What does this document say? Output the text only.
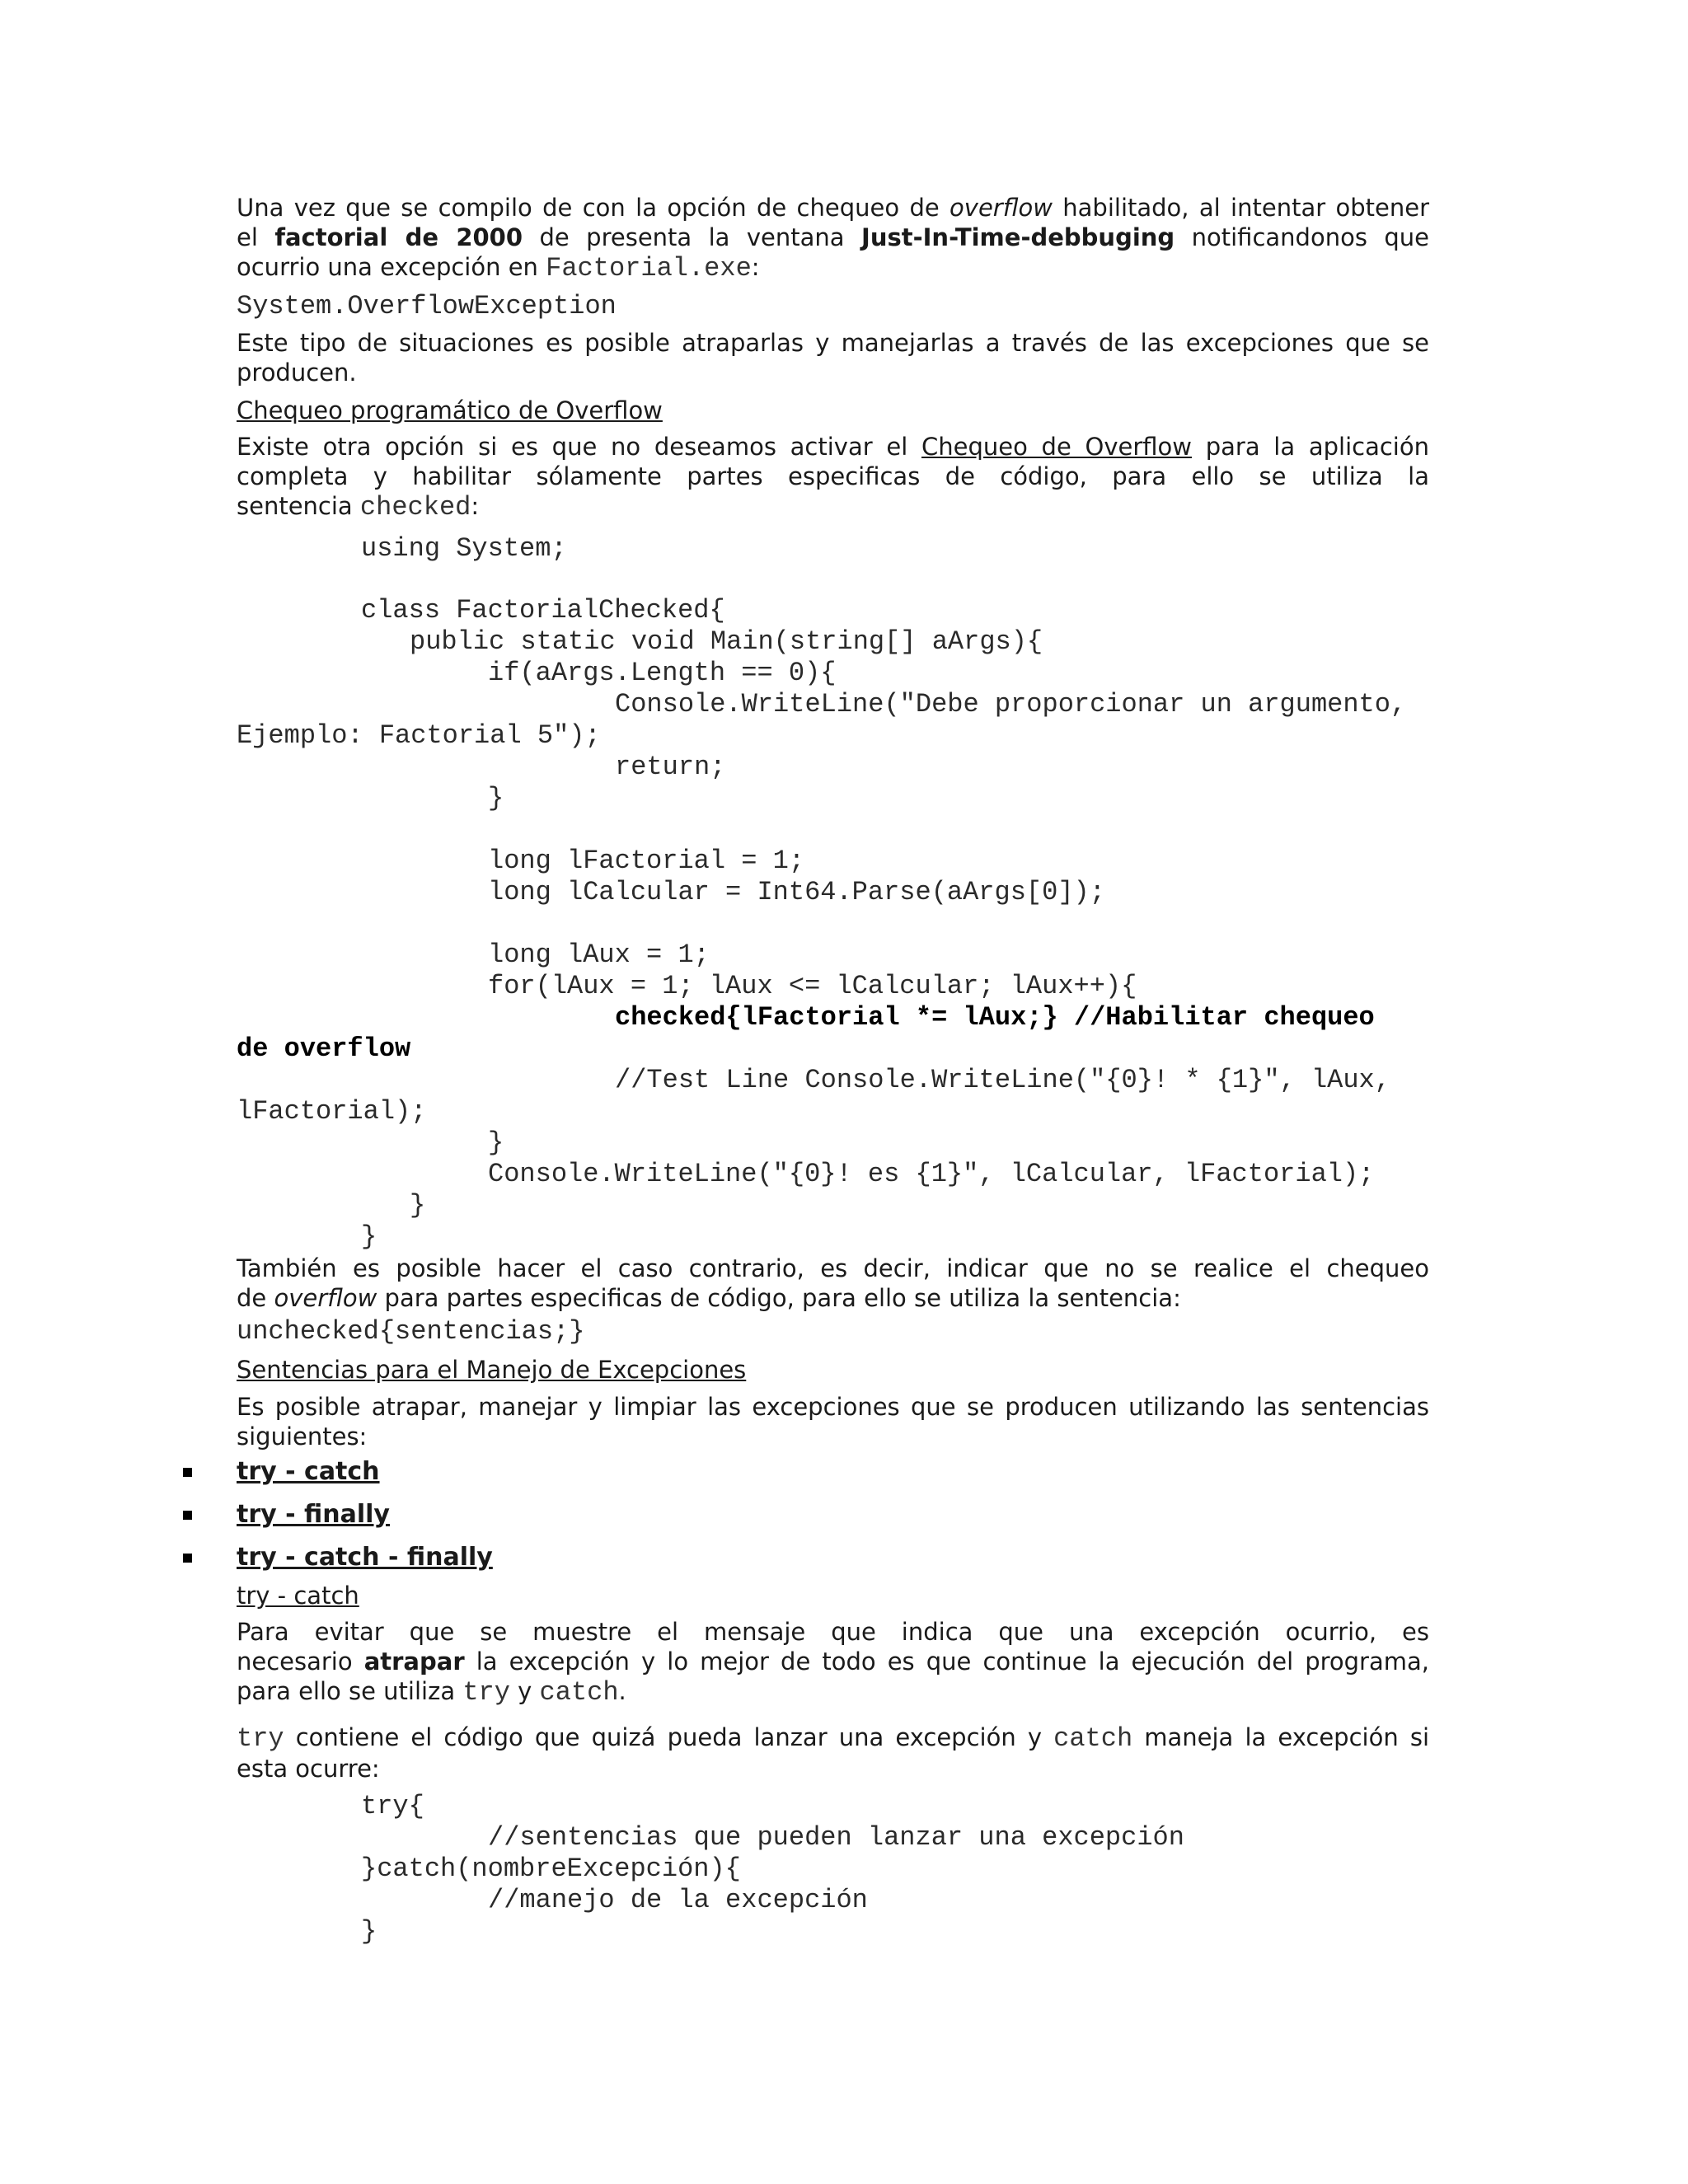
Una vez que se compilo de con la opción de chequeo de overflow habilitado, al intentar obtener
el factorial de 2000 de presenta la ventana Just-In-Time-debbuging notificandonos que
ocurrio una excepción en Factorial.exe:
System.OverflowException
Este tipo de situaciones es posible atraparlas y manejarlas a través de las excepciones que se
producen.
Chequeo programático de Overflow
Existe otra opción si es que no deseamos activar el Chequeo de Overflow para la aplicación
completa y habilitar sólamente partes especificas de código, para ello se utiliza la
sentencia checked:
using System;
class FactorialChecked{
public static void Main(string[] aArgs){
if(aArgs.Length == 0){
Console.WriteLine("Debe proporcionar un argumento,
Ejemplo: Factorial 5");
return;
}
long lFactorial = 1;
long lCalcular = Int64.Parse(aArgs[0]);
long lAux = 1;
for(lAux = 1; lAux <= lCalcular; lAux++){
checked{lFactorial *= lAux;} //Habilitar chequeo
de overflow
//Test Line Console.WriteLine("{0}! * {1}", lAux,
lFactorial);
}
Console.WriteLine("{0}! es {1}", lCalcular, lFactorial);
}
}
También es posible hacer el caso contrario, es decir, indicar que no se realice el chequeo
de overflow para partes especificas de código, para ello se utiliza la sentencia:
unchecked{sentencias;}
Sentencias para el Manejo de Excepciones
Es posible atrapar, manejar y limpiar las excepciones que se producen utilizando las sentencias
siguientes:
try - catch
try - finally
try - catch - finally
try - catch
Para evitar que se muestre el mensaje que indica que una excepción ocurrio, es
necesario atrapar la excepción y lo mejor de todo es que continue la ejecución del programa,
para ello se utiliza try y catch.
try contiene el código que quizá pueda lanzar una excepción y catch maneja la excepción si
esta ocurre:
try{
//sentencias que pueden lanzar una excepción
}catch(nombreExcepción){
//manejo de la excepción
}
